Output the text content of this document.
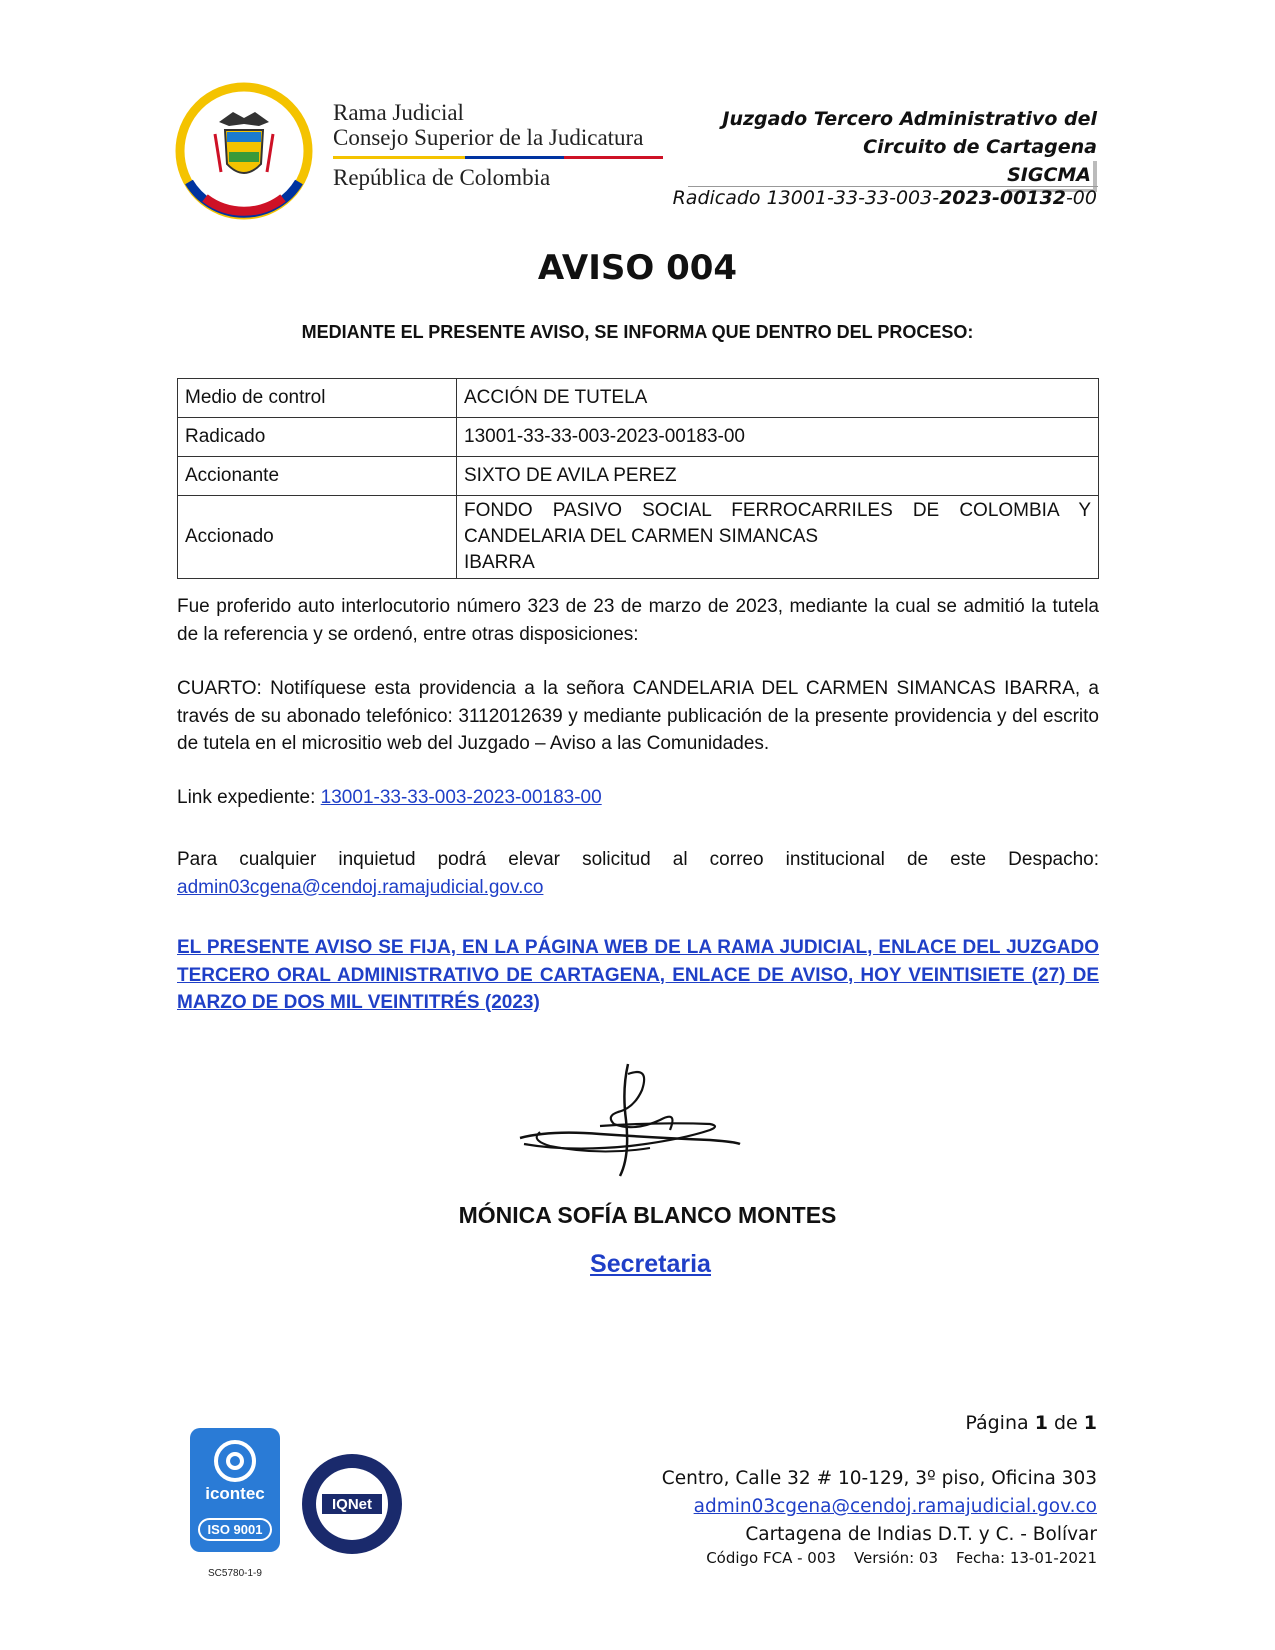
Rama Judicial
Consejo Superior de la Judicatura
República de Colombia
Juzgado Tercero Administrativo del
Circuito de Cartagena
SIGCMA
Radicado 13001-33-33-003-2023-00132-00
AVISO 004
MEDIANTE EL PRESENTE AVISO, SE INFORMA QUE DENTRO DEL PROCESO:
Medio de control	ACCIÓN DE TUTELA
Radicado	13001-33-33-003-2023-00183-00
Accionante	SIXTO DE AVILA PEREZ
Accionado	FONDO PASIVO SOCIAL FERROCARRILES DE COLOMBIA Y
CANDELARIA DEL CARMEN SIMANCAS
IBARRA
Fue proferido auto interlocutorio número 323 de 23 de marzo de 2023, mediante la cual se admitió la tutela de la referencia y se ordenó, entre otras disposiciones:
CUARTO: Notifíquese esta providencia a la señora CANDELARIA DEL CARMEN SIMANCAS IBARRA, a través de su abonado telefónico: 3112012639 y mediante publicación de la presente providencia y del escrito de tutela en el micrositio web del Juzgado – Aviso a las Comunidades.
Link expediente: 13001-33-33-003-2023-00183-00
Para cualquier inquietud podrá elevar solicitud al correo institucional de este Despacho: admin03cgena@cendoj.ramajudicial.gov.co
EL PRESENTE AVISO SE FIJA, EN LA PÁGINA WEB DE LA RAMA JUDICIAL, ENLACE DEL JUZGADO TERCERO ORAL ADMINISTRATIVO DE CARTAGENA, ENLACE DE AVISO, HOY VEINTISIETE (27) DE MARZO DE DOS MIL VEINTITRÉS (2023)
MÓNICA SOFÍA BLANCO MONTES
Secretaria
Página 1 de 1
Centro, Calle 32 # 10-129, 3º piso, Oficina 303
admin03cgena@cendoj.ramajudicial.gov.co
Cartagena de Indias D.T. y C. - Bolívar
Código FCA - 003 Versión: 03 Fecha: 13-01-2021
icontec
ISO 9001
SC5780-1-9
IQNet
